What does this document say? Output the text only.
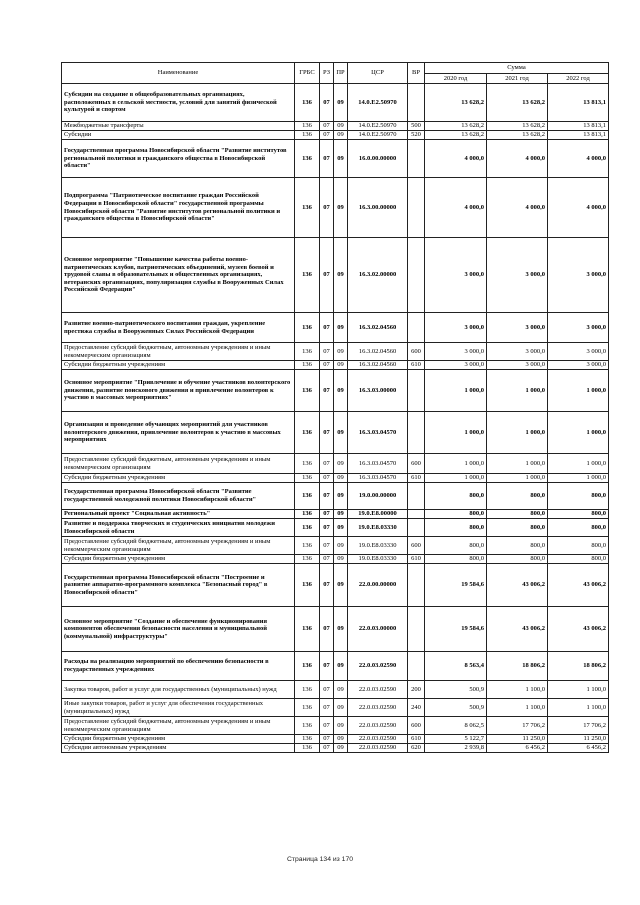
Наименование	ГРБС	РЗ	ПР	ЦСР	ВР	Сумма		
						2020 год	2021 год	2022 год
Субсидии на создание в общеобразовательных организациях, расположенных в сельской местности, условий для занятий физической культурой и спортом	136	07	09	14.0.E2.50970		13 628,2	13 628,2	13 813,1
Межбюджетные трансферты	136	07	09	14.0.E2.50970	500	13 628,2	13 628,2	13 813,1
Субсидии	136	07	09	14.0.E2.50970	520	13 628,2	13 628,2	13 813,1
Государственная программа Новосибирской области "Развитие институтов региональной политики и гражданского общества в Новосибирской области"	136	07	09	16.0.00.00000		4 000,0	4 000,0	4 000,0
Подпрограмма "Патриотическое воспитание граждан Российской Федерации в Новосибирской области" государственной программы Новосибирской области "Развитие институтов региональной политики и гражданского общества в Новосибирской области"	136	07	09	16.3.00.00000		4 000,0	4 000,0	4 000,0
Основное мероприятие "Повышение качества работы военно-патриотических клубов, патриотических объединений, музеев боевой и трудовой славы в образовательных и общественных организациях, ветеранских организациях, популяризация службы в Вооруженных Силах Российской Федерации"	136	07	09	16.3.02.00000		3 000,0	3 000,0	3 000,0
Развитие военно-патриотического воспитания граждан, укрепление престижа службы в Вооруженных Силах Российской Федерации	136	07	09	16.3.02.04560		3 000,0	3 000,0	3 000,0
Предоставление субсидий бюджетным, автономным учреждениям и иным некоммерческим организациям	136	07	09	16.3.02.04560	600	3 000,0	3 000,0	3 000,0
Субсидии бюджетным учреждениям	136	07	09	16.3.02.04560	610	3 000,0	3 000,0	3 000,0
Основное мероприятие "Привлечение и обучение участников волонтерского движения, развитие поискового движения и привлечение волонтеров к участию в массовых мероприятиях"	136	07	09	16.3.03.00000		1 000,0	1 000,0	1 000,0
Организация и проведение обучающих мероприятий для участников волонтерского движения, привлечение волонтеров к участию в массовых мероприятиях	136	07	09	16.3.03.04570		1 000,0	1 000,0	1 000,0
Предоставление субсидий бюджетным, автономным учреждениям и иным некоммерческим организациям	136	07	09	16.3.03.04570	600	1 000,0	1 000,0	1 000,0
Субсидии бюджетным учреждениям	136	07	09	16.3.03.04570	610	1 000,0	1 000,0	1 000,0
Государственная программа Новосибирской области "Развитие государственной молодежной политики Новосибирской области"	136	07	09	19.0.00.00000		800,0	800,0	800,0
Региональный проект "Социальная активность"	136	07	09	19.0.E8.00000		800,0	800,0	800,0
Развитие и поддержка творческих и студенческих инициатив молодежи Новосибирской области	136	07	09	19.0.E8.03330		800,0	800,0	800,0
Предоставление субсидий бюджетным, автономным учреждениям и иным некоммерческим организациям	136	07	09	19.0.E8.03330	600	800,0	800,0	800,0
Субсидии бюджетным учреждениям	136	07	09	19.0.E8.03330	610	800,0	800,0	800,0
Государственная программа Новосибирской области "Построение и развитие аппаратно-программного комплекса "Безопасный город" в Новосибирской области"	136	07	09	22.0.00.00000		19 584,6	43 006,2	43 006,2
Основное мероприятие "Создание и обеспечение функционирования компонентов обеспечения безопасности населения и муниципальной (коммунальной) инфраструктуры"	136	07	09	22.0.03.00000		19 584,6	43 006,2	43 006,2
Расходы на реализацию мероприятий по обеспечению безопасности в государственных учреждениях	136	07	09	22.0.03.02590		8 563,4	18 806,2	18 806,2
Закупка товаров, работ и услуг для государственных (муниципальных) нужд	136	07	09	22.0.03.02590	200	500,9	1 100,0	1 100,0
Иные закупки товаров, работ и услуг для обеспечения государственных (муниципальных) нужд	136	07	09	22.0.03.02590	240	500,9	1 100,0	1 100,0
Предоставление субсидий бюджетным, автономным учреждениям и иным некоммерческим организациям	136	07	09	22.0.03.02590	600	8 062,5	17 706,2	17 706,2
Субсидии бюджетным учреждениям	136	07	09	22.0.03.02590	610	5 122,7	11 250,0	11 250,0
Субсидии автономным учреждениям	136	07	09	22.0.03.02590	620	2 939,8	6 456,2	6 456,2
Страница 134 из 170
